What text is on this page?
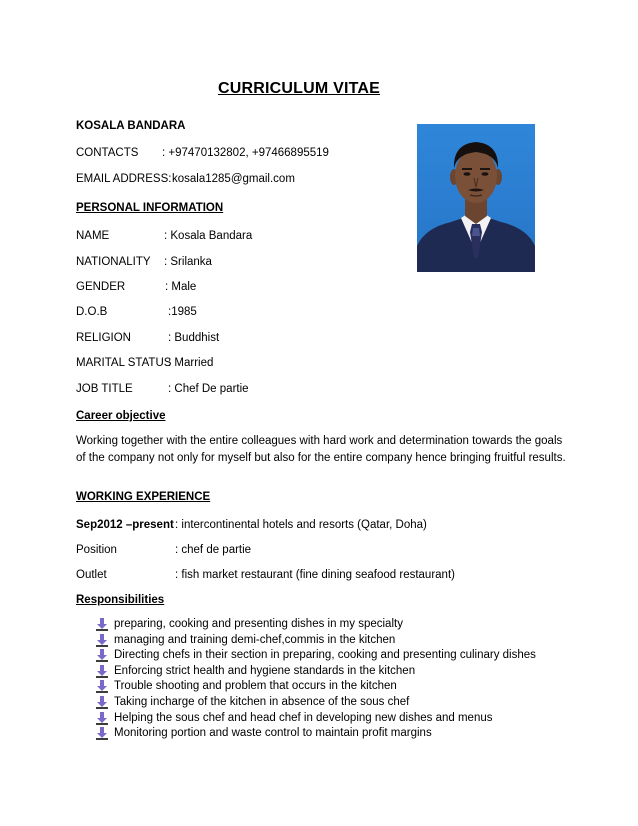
CURRICULUM VITAE
KOSALA BANDARA
CONTACTS : +97470132802, +97466895519
EMAIL ADDRESS:kosala1285@gmail.com
PERSONAL INFORMATION
NAME	: Kosala Bandara
NATIONALITY : Srilanka
GENDER	: Male
D.O.B	:1985
RELIGION	: Buddhist
MARITAL STATUS: Married
JOB TITLE	: Chef De partie
Career objective
Working together with the entire colleagues with hard work and determination towards the goals of the company not only for myself but also for the entire company hence bringing fruitful results.
WORKING EXPERIENCE
Sep2012 –present: intercontinental hotels and resorts (Qatar, Doha)
Position	: chef de partie
Outlet	: fish market restaurant (fine dining seafood restaurant)
Responsibilities
preparing, cooking and presenting dishes in my specialty
managing and training demi-chef,commis in the kitchen
Directing chefs in their section in preparing, cooking and presenting culinary dishes
Enforcing strict health and hygiene standards in the kitchen
Trouble shooting and problem that occurs in the kitchen
Taking incharge of the kitchen in absence of the sous chef
Helping the sous chef and head chef in developing new dishes and menus
Monitoring portion and waste control to maintain profit margins
